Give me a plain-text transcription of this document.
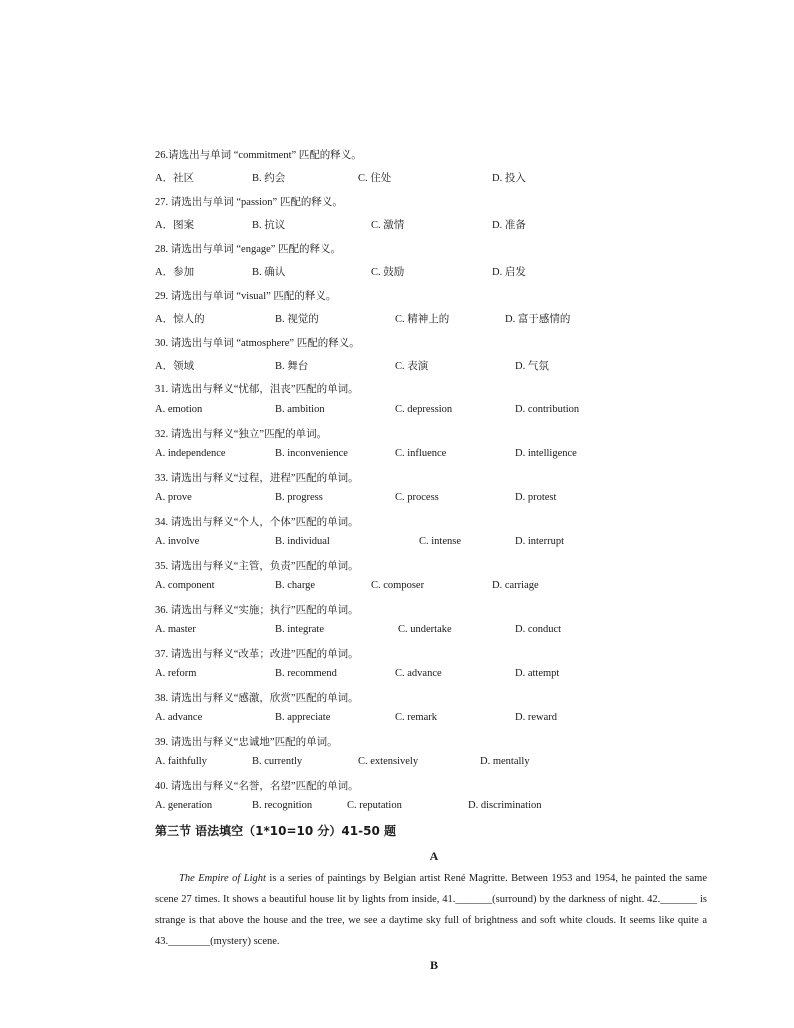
26.请选出与单词 “commitment” 匹配的释义。
A．社区	B. 约会	C. 住处	D. 投入
27. 请选出与单词 “passion” 匹配的释义。
A．图案	B. 抗议	C. 激情	D. 准备
28. 请选出与单词 “engage” 匹配的释义。
A．参加	B. 确认	C. 鼓励	D. 启发
29. 请选出与单词 “visual” 匹配的释义。
A．惊人的	B. 视觉的	C. 精神上的	D. 富于感情的
30. 请选出与单词 “atmosphere” 匹配的释义。
A．领域	B. 舞台	C. 表演	D. 气氛
31. 请选出与释义“忧郁，沮丧”匹配的单词。
A. emotion	B. ambition	C. depression	D. contribution
32. 请选出与释义“独立”匹配的单词。
A. independence	B. inconvenience	C. influence	D. intelligence
33. 请选出与释义“过程，进程”匹配的单词。
A. prove	B. progress	C. process	D. protest
34. 请选出与释义“个人，个体”匹配的单词。
A. involve	B. individual	C. intense	D. interrupt
35. 请选出与释义“主管，负责”匹配的单词。
A. component	B. charge	C. composer	D. carriage
36. 请选出与释义“实施；执行”匹配的单词。
A. master	B. integrate	C. undertake	D. conduct
37. 请选出与释义“改革；改进”匹配的单词。
A. reform	B. recommend	C. advance	D. attempt
38. 请选出与释义“感激，欣赏”匹配的单词。
A. advance	B. appreciate	C. remark	D. reward
39. 请选出与释义“忠诚地”匹配的单词。
A. faithfully	B. currently	C. extensively	D. mentally
40. 请选出与释义“名誉，名望”匹配的单词。
A. generation	B. recognition	C. reputation	D. discrimination
第三节 语法填空（1*10=10 分）41-50 题
A
The Empire of Light is a series of paintings by Belgian artist René Magritte. Between 1953 and 1954, he painted the same scene 27 times. It shows a beautiful house lit by lights from inside, 41._______(surround) by the darkness of night. 42._______ is strange is that above the house and the tree, we see a daytime sky full of brightness and soft white clouds. It seems like quite a 43.________(mystery) scene.
B
